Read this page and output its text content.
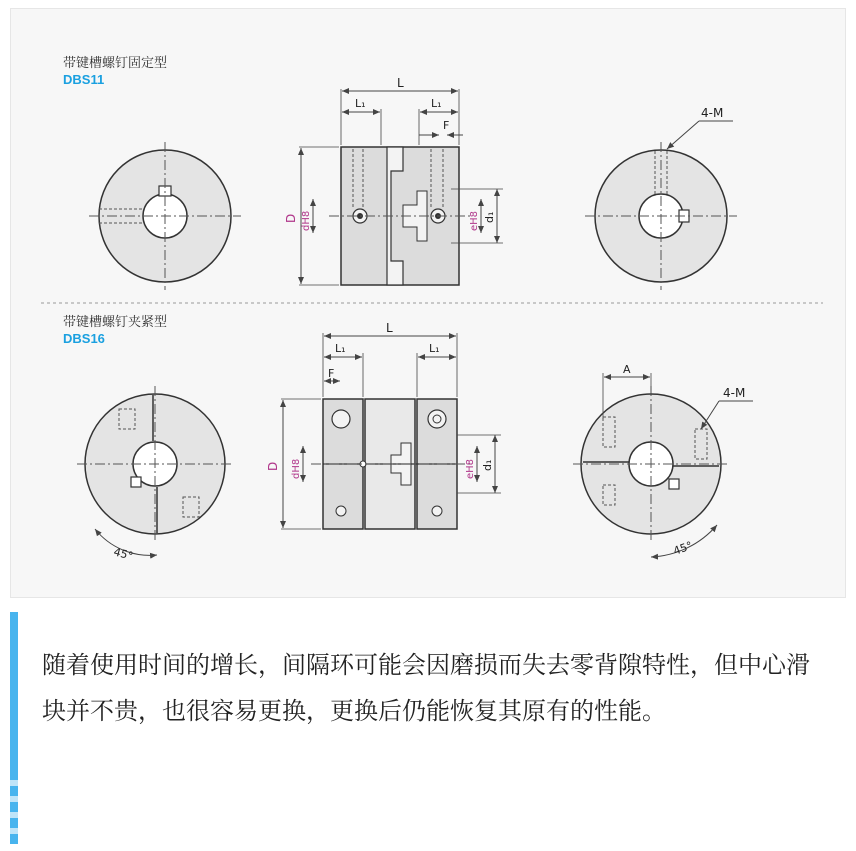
带键槽螺钉固定型
DBS11
带键槽螺钉夹紧型
DBS16
L
L₁	L₁
F
D dH8	eH8 d₁
4-M
45°
L
L₁	L₁
F
D dH8	eH8 d₁
A
4-M
45°

随着使用时间的增长，间隔环可能会因磨损而失去零背隙特性，但中心滑块并不贵，也很容易更换，更换后仍能恢复其原有的性能。
